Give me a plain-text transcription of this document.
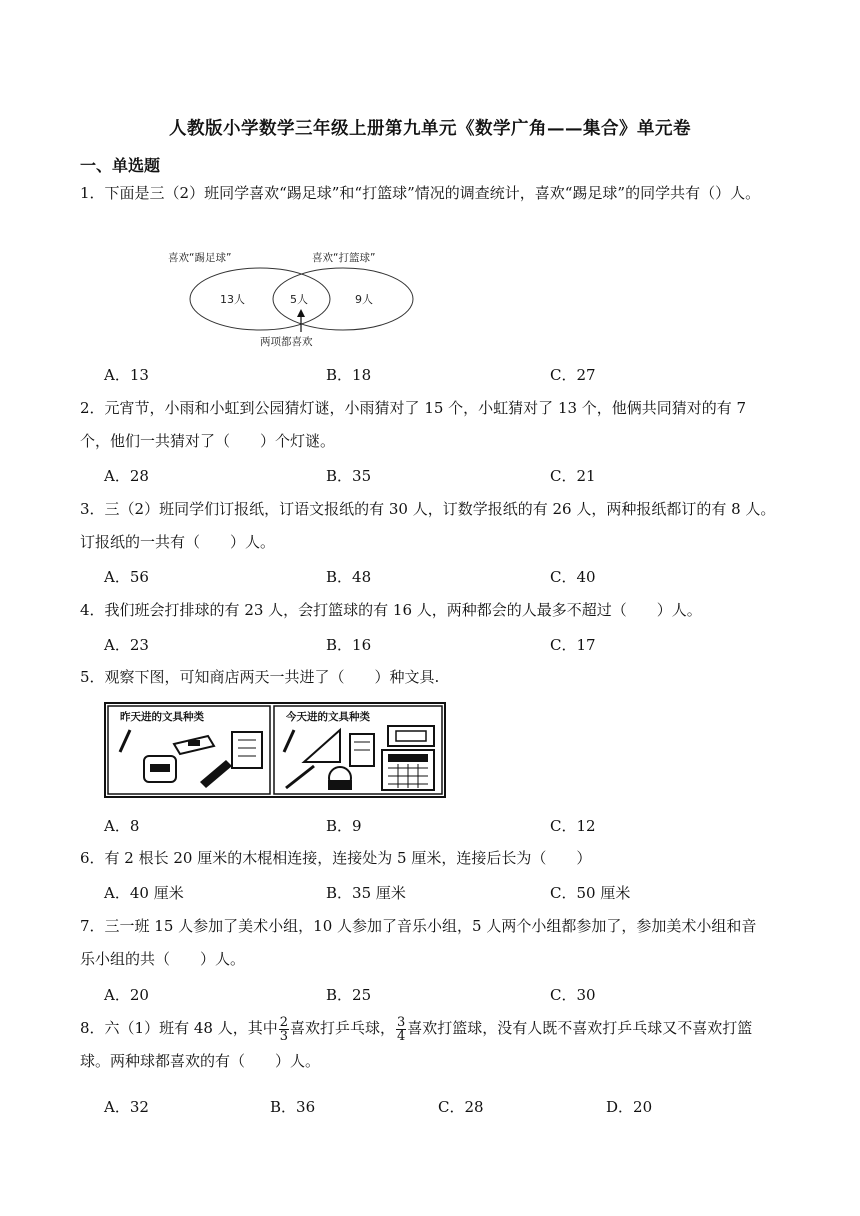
人教版小学数学三年级上册第九单元《数学广角——集合》单元卷
一、单选题
1．下面是三（2）班同学喜欢“踢足球”和“打篮球”情况的调查统计，喜欢“踢足球”的同学共有（）人。
喜欢“踢足球”	喜欢“打篮球”
13人	5人	9人
两项都喜欢
A．13	B．18	C．27
2．元宵节，小雨和小虹到公园猜灯谜，小雨猜对了 15 个，小虹猜对了 13 个，他俩共同猜对的有 7
个，他们一共猜对了（　　）个灯谜。
A．28	B．35	C．21
3．三（2）班同学们订报纸，订语文报纸的有 30 人，订数学报纸的有 26 人，两种报纸都订的有 8 人。
订报纸的一共有（　　）人。
A．56	B．48	C．40
4．我们班会打排球的有 23 人，会打篮球的有 16 人，两种都会的人最多不超过（　　）人。
A．23	B．16	C．17
5．观察下图，可知商店两天一共进了（　　）种文具.
昨天进的文具种类	今天进的文具种类
A．8	B．9	C．12
6．有 2 根长 20 厘米的木棍相连接，连接处为 5 厘米，连接后长为（　　）
A．40 厘米	B．35 厘米	C．50 厘米
7．三一班 15 人参加了美术小组，10 人参加了音乐小组，5 人两个小组都参加了，参加美术小组和音
乐小组的共（　　）人。
A．20	B．25	C．30
8．六（1）班有 48 人，其中 $\frac{2}{3}$ 喜欢打乒乓球， $\frac{3}{4}$ 喜欢打篮球，没有人既不喜欢打乒乓球又不喜欢打篮
球。两种球都喜欢的有（　　）人。
A．32	B．36	C．28	D．20
